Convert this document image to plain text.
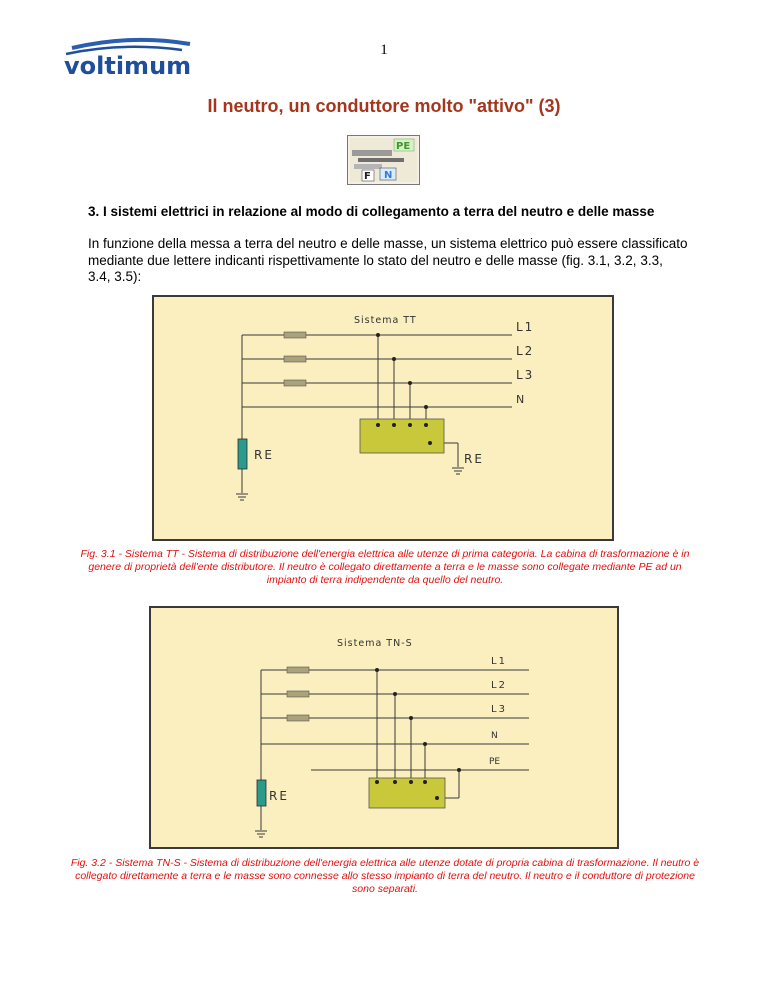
voltimum
1
Il neutro, un conduttore molto "attivo" (3)
PE
F N
3. I sistemi elettrici in relazione al modo di collegamento a terra del neutro e delle masse
In funzione della messa a terra del neutro e delle masse, un sistema elettrico può essere classificato mediante due lettere indicanti rispettivamente lo stato del neutro e delle masse (fig. 3.1, 3.2, 3.3, 3.4, 3.5):
Sistema TT	L1
L2
L3
N
RE	RE
Fig. 3.1 - Sistema TT - Sistema di distribuzione dell'energia elettrica alle utenze di prima categoria. La cabina di trasformazione è in genere di proprietà dell'ente distributore. Il neutro è collegato direttamente a terra e le masse sono collegate mediante PE ad un impianto di terra indipendente da quello del neutro.
Sistema TN-S
L1
L2
L3
N
PE
RE
Fig. 3.2 - Sistema TN-S - Sistema di distribuzione dell'energia elettrica alle utenze dotate di propria cabina di trasformazione. Il neutro è collegato direttamente a terra e le masse sono connesse allo stesso impianto di terra del neutro. Il neutro e il conduttore di protezione sono separati.
